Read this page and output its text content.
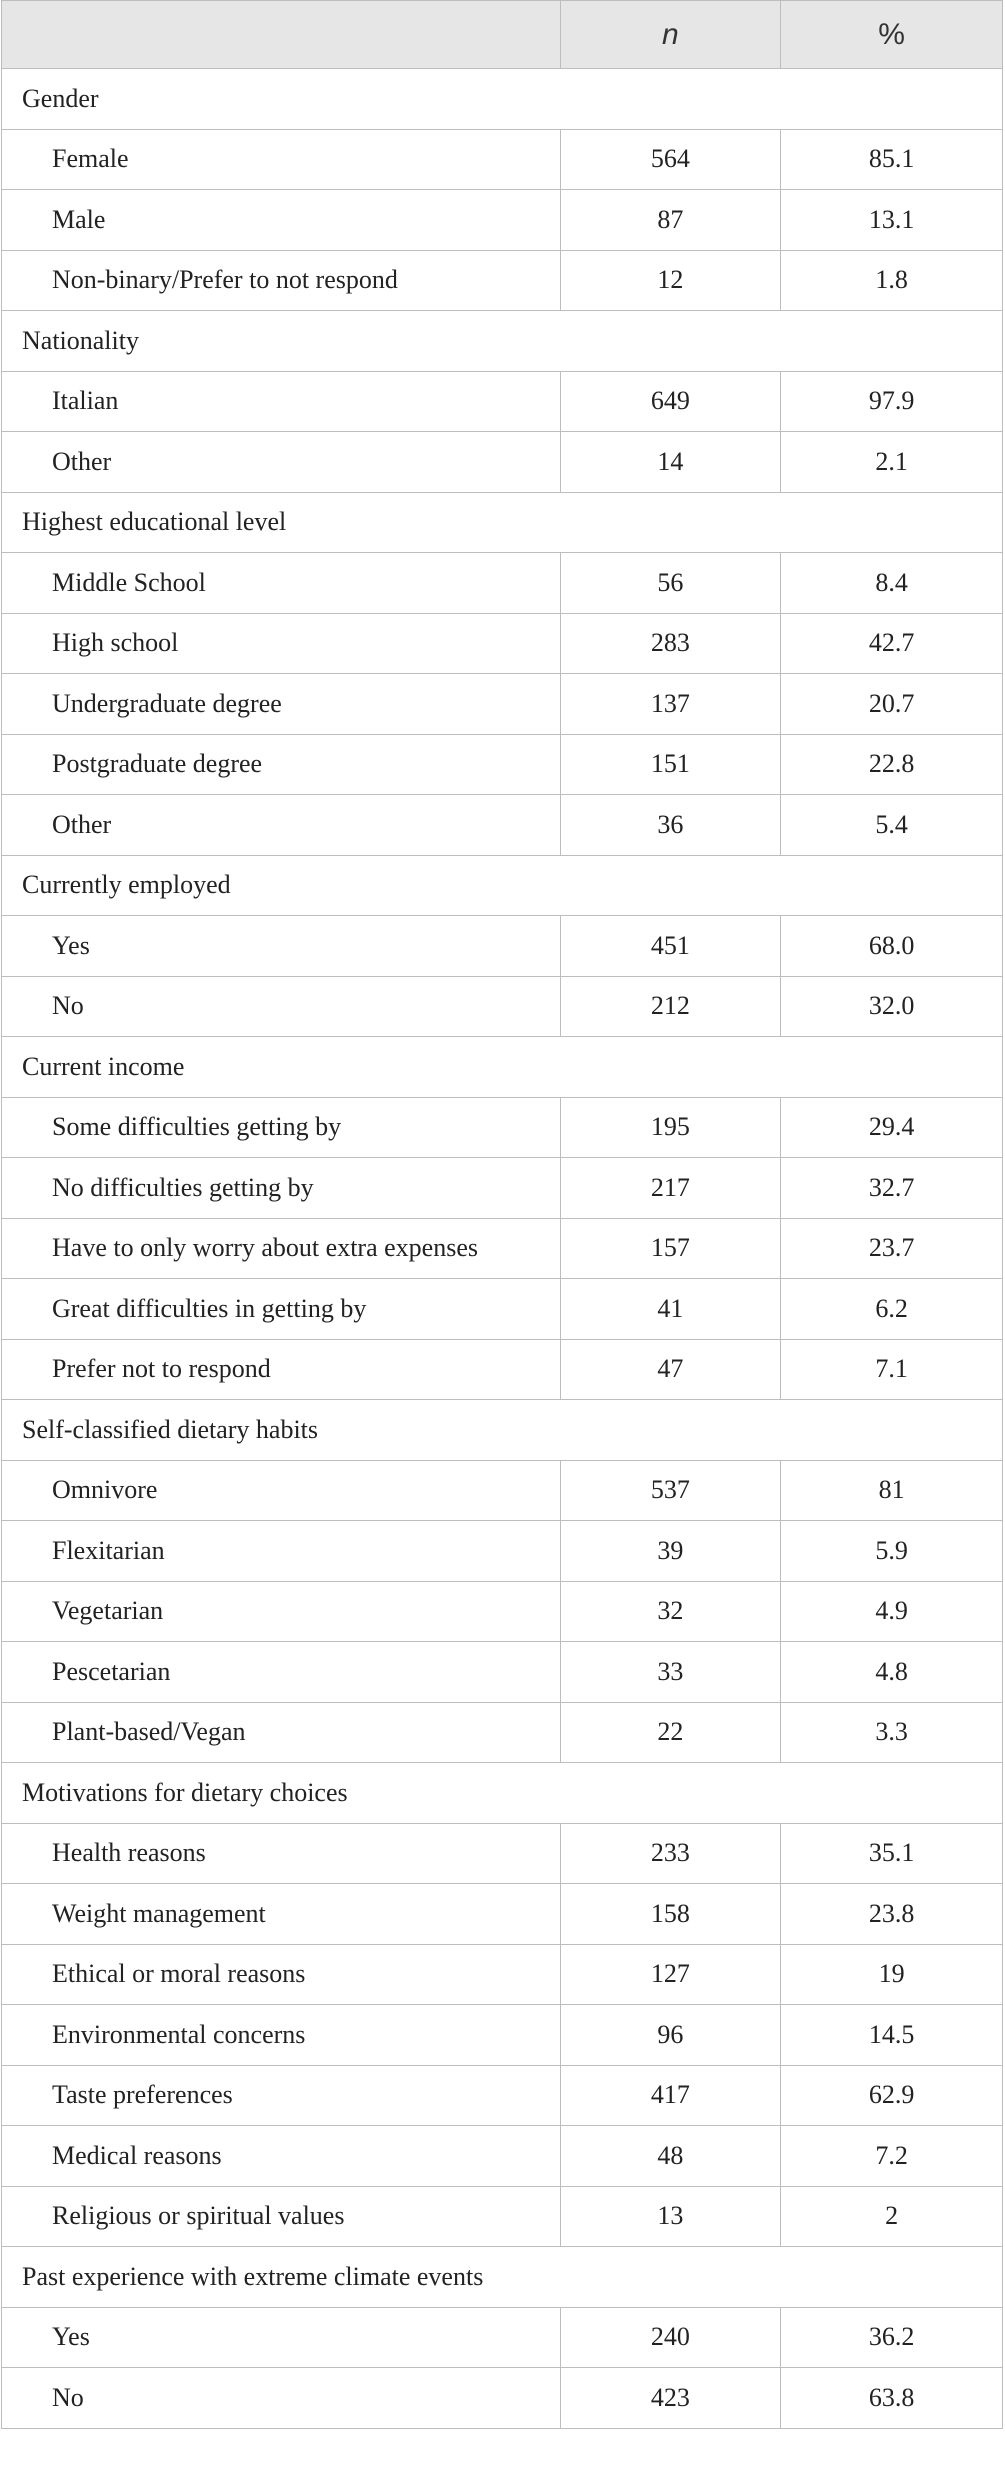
	n	%
Gender		
Female	564	85.1
Male	87	13.1
Non-binary/Prefer to not respond	12	1.8
Nationality		
Italian	649	97.9
Other	14	2.1
Highest educational level		
Middle School	56	8.4
High school	283	42.7
Undergraduate degree	137	20.7
Postgraduate degree	151	22.8
Other	36	5.4
Currently employed		
Yes	451	68.0
No	212	32.0
Current income		
Some difficulties getting by	195	29.4
No difficulties getting by	217	32.7
Have to only worry about extra expenses	157	23.7
Great difficulties in getting by	41	6.2
Prefer not to respond	47	7.1
Self-classified dietary habits		
Omnivore	537	81
Flexitarian	39	5.9
Vegetarian	32	4.9
Pescetarian	33	4.8
Plant-based/Vegan	22	3.3
Motivations for dietary choices		
Health reasons	233	35.1
Weight management	158	23.8
Ethical or moral reasons	127	19
Environmental concerns	96	14.5
Taste preferences	417	62.9
Medical reasons	48	7.2
Religious or spiritual values	13	2
Past experience with extreme climate events		
Yes	240	36.2
No	423	63.8
